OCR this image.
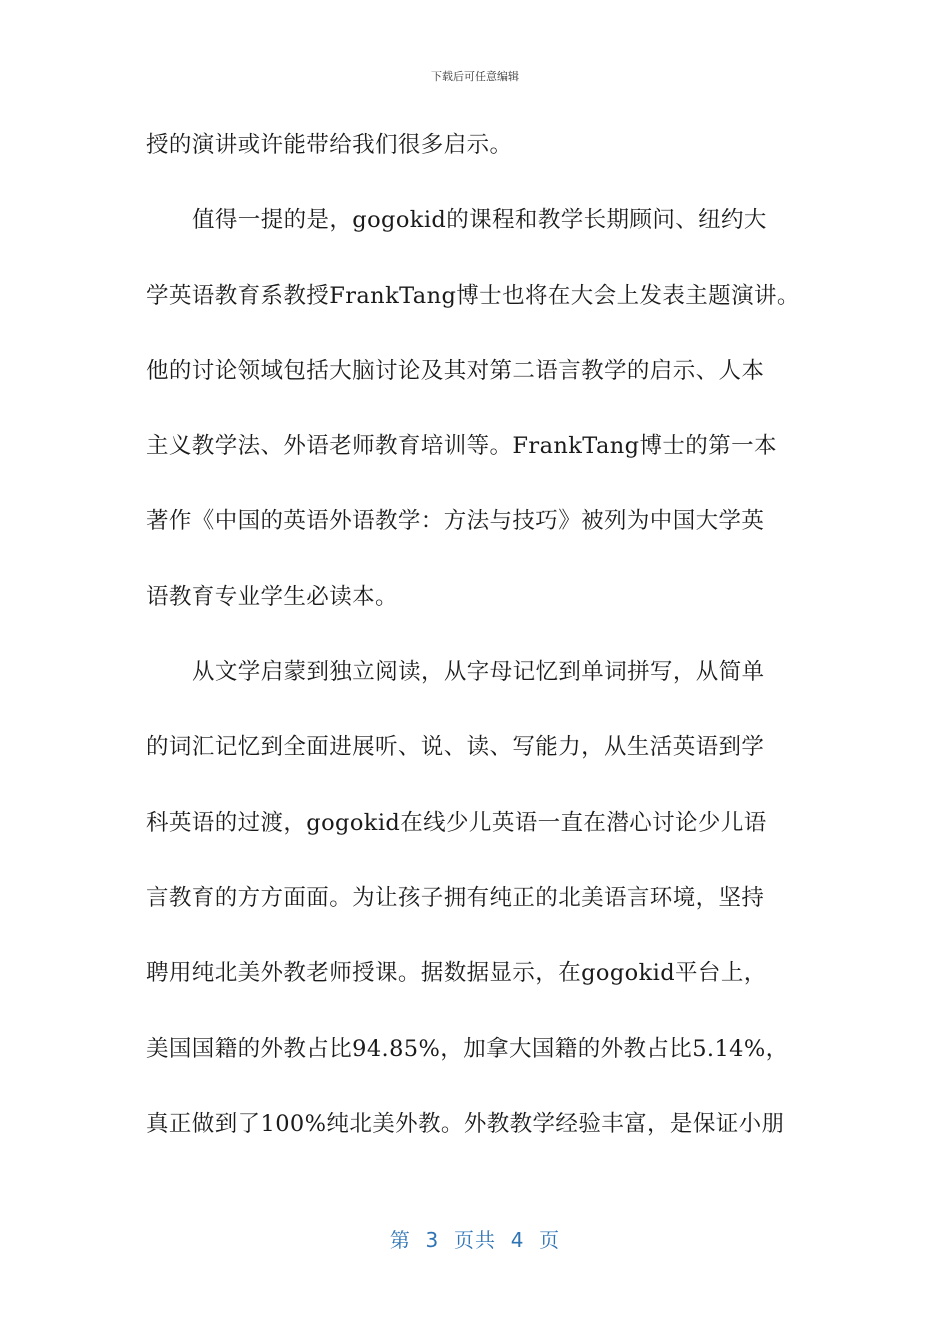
下载后可任意编辑
授的演讲或许能带给我们很多启示。
值得一提的是，gogokid的课程和教学长期顾问、纽约大
学英语教育系教授FrankTang博士也将在大会上发表主题演讲。
他的讨论领域包括大脑讨论及其对第二语言教学的启示、人本
主义教学法、外语老师教育培训等。FrankTang博士的第一本
著作《中国的英语外语教学：方法与技巧》被列为中国大学英
语教育专业学生必读本。
从文学启蒙到独立阅读，从字母记忆到单词拼写，从简单
的词汇记忆到全面进展听、说、读、写能力，从生活英语到学
科英语的过渡，gogokid在线少儿英语一直在潜心讨论少儿语
言教育的方方面面。为让孩子拥有纯正的北美语言环境，坚持
聘用纯北美外教老师授课。据数据显示，在gogokid平台上，
美国国籍的外教占比94.85%，加拿大国籍的外教占比5.14%，
真正做到了100%纯北美外教。外教教学经验丰富，是保证小朋
第  3  页共  4  页
